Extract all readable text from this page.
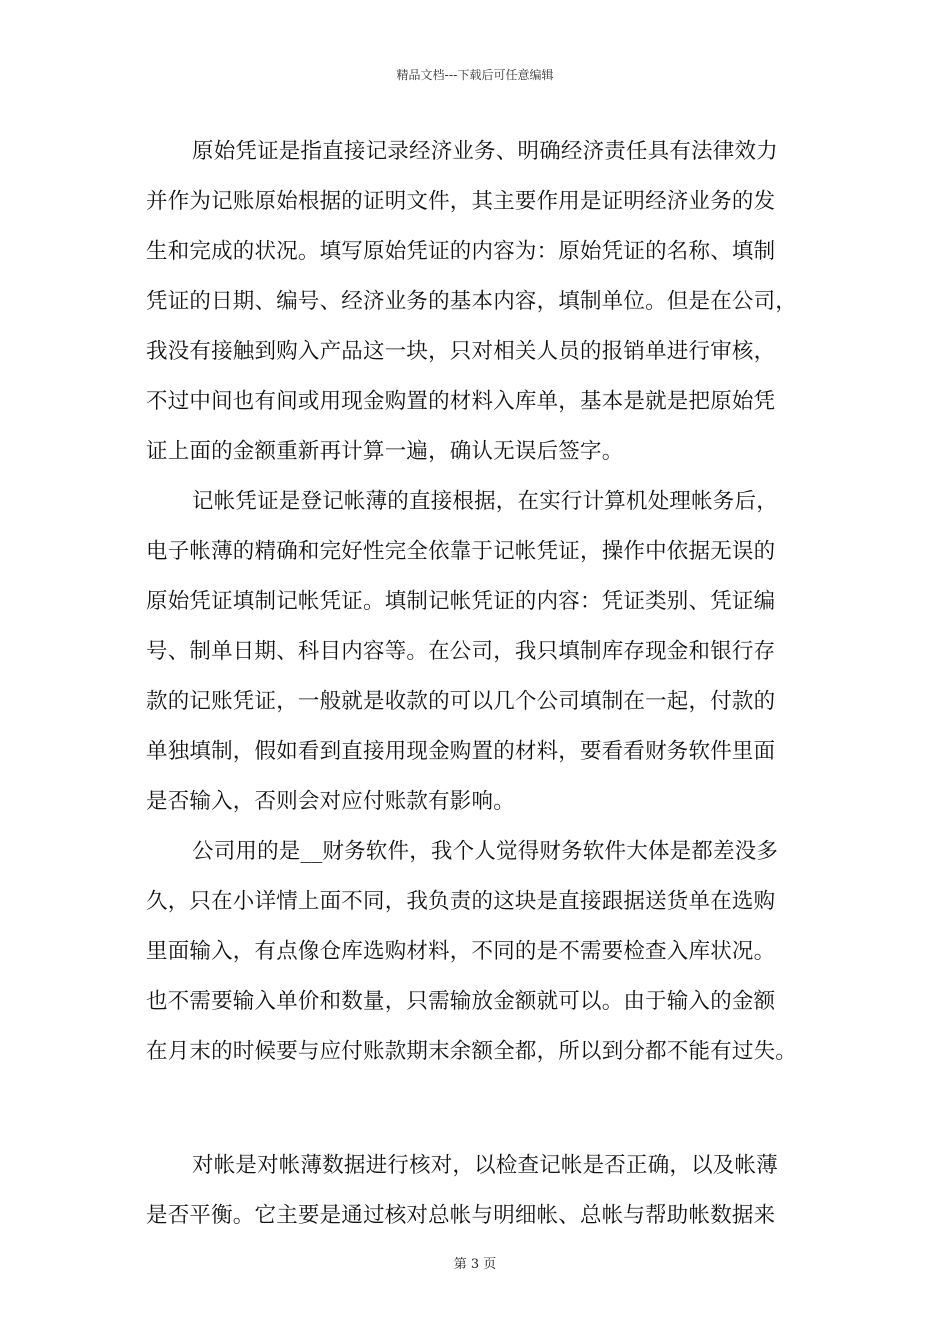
精品文档---下载后可任意编辑
原始凭证是指直接记录经济业务、明确经济责任具有法律效力
并作为记账原始根据的证明文件，其主要作用是证明经济业务的发
生和完成的状况。填写原始凭证的内容为：原始凭证的名称、填制
凭证的日期、编号、经济业务的基本内容，填制单位。但是在公司，
我没有接触到购入产品这一块，只对相关人员的报销单进行审核，
不过中间也有间或用现金购置的材料入库单，基本是就是把原始凭
证上面的金额重新再计算一遍，确认无误后签字。
记帐凭证是登记帐薄的直接根据，在实行计算机处理帐务后，
电子帐薄的精确和完好性完全依靠于记帐凭证，操作中依据无误的
原始凭证填制记帐凭证。填制记帐凭证的内容：凭证类别、凭证编
号、制单日期、科目内容等。在公司，我只填制库存现金和银行存
款的记账凭证，一般就是收款的可以几个公司填制在一起，付款的
单独填制，假如看到直接用现金购置的材料，要看看财务软件里面
是否输入，否则会对应付账款有影响。
公司用的是__财务软件，我个人觉得财务软件大体是都差没多
久，只在小详情上面不同，我负责的这块是直接跟据送货单在选购
里面输入，有点像仓库选购材料，不同的是不需要检查入库状况。
也不需要输入单价和数量，只需输放金额就可以。由于输入的金额
在月末的时候要与应付账款期末余额全都，所以到分都不能有过失。
对帐是对帐薄数据进行核对，以检查记帐是否正确，以及帐薄
是否平衡。它主要是通过核对总帐与明细帐、总帐与帮助帐数据来
第 3 页
